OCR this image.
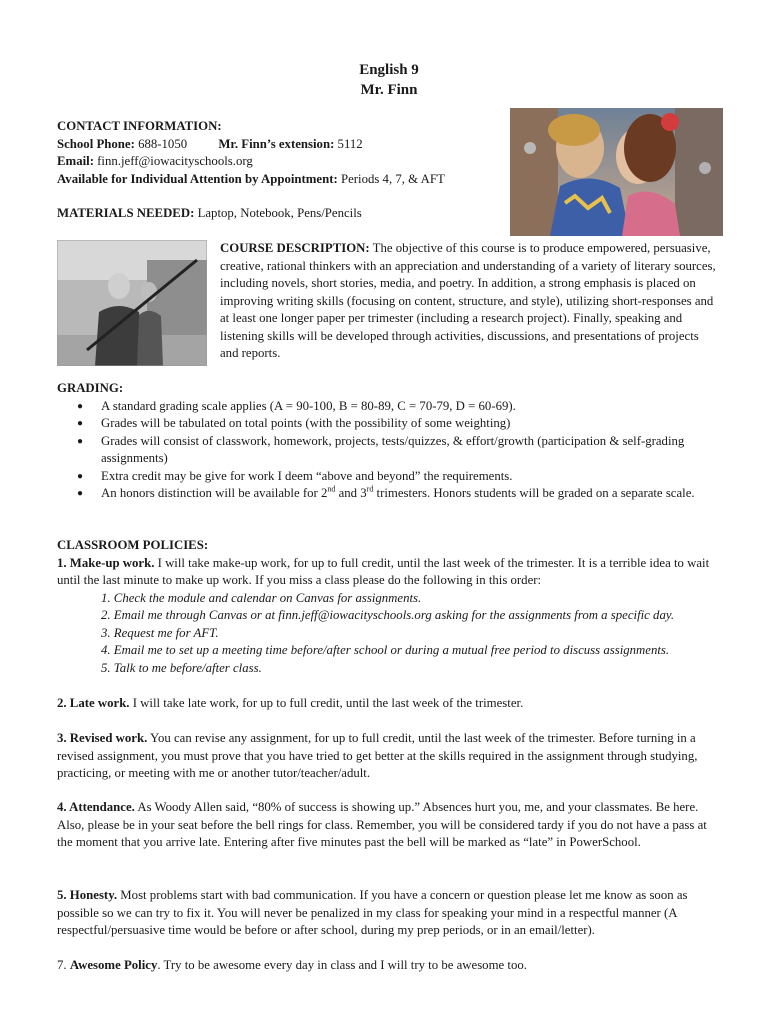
English 9
Mr. Finn
CONTACT INFORMATION:
School Phone: 688-1050 Mr. Finn’s extension: 5112
Email: finn.jeff@iowacityschools.org
Available for Individual Attention by Appointment: Periods 4, 7, & AFT
MATERIALS NEEDED: Laptop, Notebook, Pens/Pencils
COURSE DESCRIPTION: The objective of this course is to produce empowered, persuasive, creative, rational thinkers with an appreciation and understanding of a variety of literary sources, including novels, short stories, media, and poetry. In addition, a strong emphasis is placed on improving writing skills (focusing on content, structure, and style), utilizing short-responses and at least one longer paper per trimester (including a research project). Finally, speaking and listening skills will be developed through activities, discussions, and presentations of projects and reports.
GRADING:
● A standard grading scale applies (A = 90-100, B = 80-89, C = 70-79, D = 60-69).
● Grades will be tabulated on total points (with the possibility of some weighting)
● Grades will consist of classwork, homework, projects, tests/quizzes, & effort/growth (participation & self-grading assignments)
● Extra credit may be give for work I deem “above and beyond” the requirements.
● An honors distinction will be available for 2nd and 3rd trimesters. Honors students will be graded on a separate scale.
CLASSROOM POLICIES:
1. Make-up work. I will take make-up work, for up to full credit, until the last week of the trimester. It is a terrible idea to wait until the last minute to make up work. If you miss a class please do the following in this order:
1. Check the module and calendar on Canvas for assignments.
2. Email me through Canvas or at finn.jeff@iowacityschools.org asking for the assignments from a specific day.
3. Request me for AFT.
4. Email me to set up a meeting time before/after school or during a mutual free period to discuss assignments.
5. Talk to me before/after class.
2. Late work. I will take late work, for up to full credit, until the last week of the trimester.
3. Revised work. You can revise any assignment, for up to full credit, until the last week of the trimester. Before turning in a revised assignment, you must prove that you have tried to get better at the skills required in the assignment through studying, practicing, or meeting with me or another tutor/teacher/adult.
4. Attendance. As Woody Allen said, “80% of success is showing up.” Absences hurt you, me, and your classmates. Be here. Also, please be in your seat before the bell rings for class. Remember, you will be considered tardy if you do not have a pass at the moment that you arrive late. Entering after five minutes past the bell will be marked as “late” in PowerSchool.
5. Honesty. Most problems start with bad communication. If you have a concern or question please let me know as soon as possible so we can try to fix it. You will never be penalized in my class for speaking your mind in a respectful manner (A respectful/persuasive time would be before or after school, during my prep periods, or in an email/letter).
7. Awesome Policy. Try to be awesome every day in class and I will try to be awesome too.
